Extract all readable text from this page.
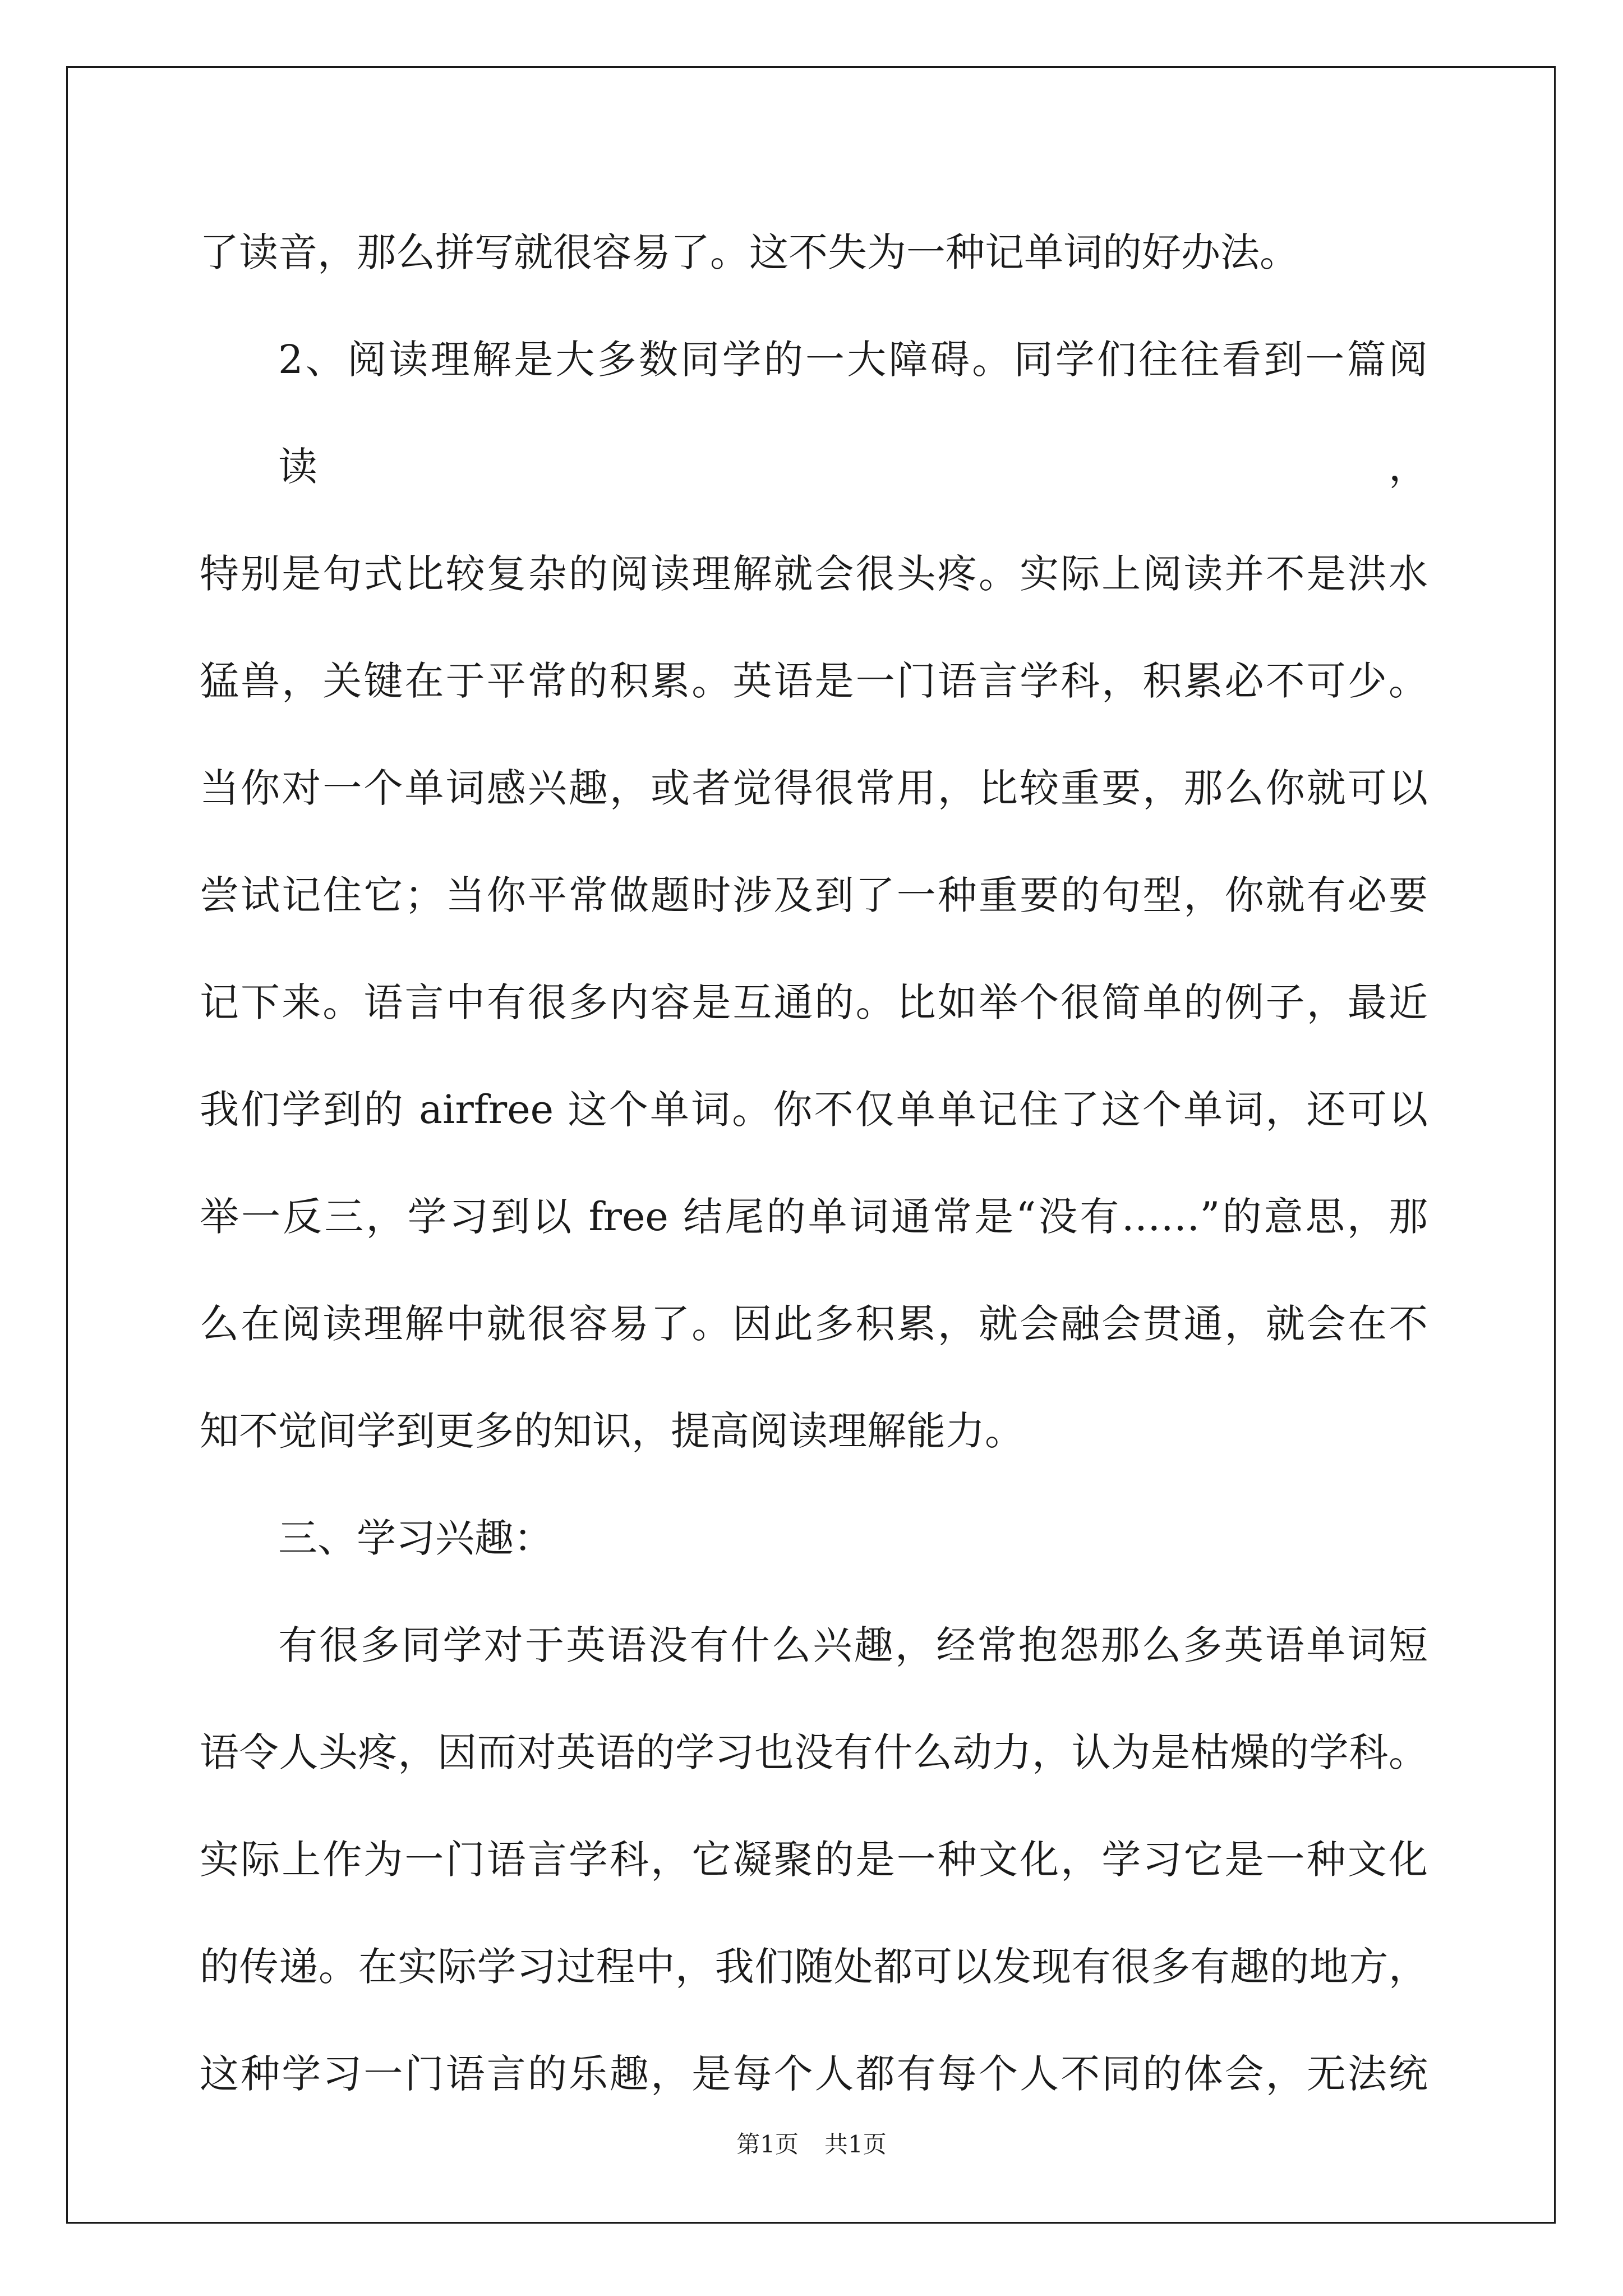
了读音，那么拼写就很容易了。这不失为一种记单词的好办法。

2、阅读理解是大多数同学的一大障碍。同学们往往看到一篇阅读，

特别是句式比较复杂的阅读理解就会很头疼。实际上阅读并不是洪水

猛兽，关键在于平常的积累。英语是一门语言学科，积累必不可少。

当你对一个单词感兴趣，或者觉得很常用，比较重要，那么你就可以

尝试记住它；当你平常做题时涉及到了一种重要的句型，你就有必要

记下来。语言中有很多内容是互通的。比如举个很简单的例子，最近

我们学到的 airfree 这个单词。你不仅单单记住了这个单词，还可以

举一反三，学习到以 free 结尾的单词通常是“没有……”的意思，那

么在阅读理解中就很容易了。因此多积累，就会融会贯通，就会在不

知不觉间学到更多的知识，提高阅读理解能力。

三、学习兴趣：

有很多同学对于英语没有什么兴趣，经常抱怨那么多英语单词短

语令人头疼，因而对英语的学习也没有什么动力，认为是枯燥的学科。

实际上作为一门语言学科，它凝聚的是一种文化，学习它是一种文化

的传递。在实际学习过程中，我们随处都可以发现有很多有趣的地方，

这种学习一门语言的乐趣，是每个人都有每个人不同的体会，无法统

第1页 共1页
